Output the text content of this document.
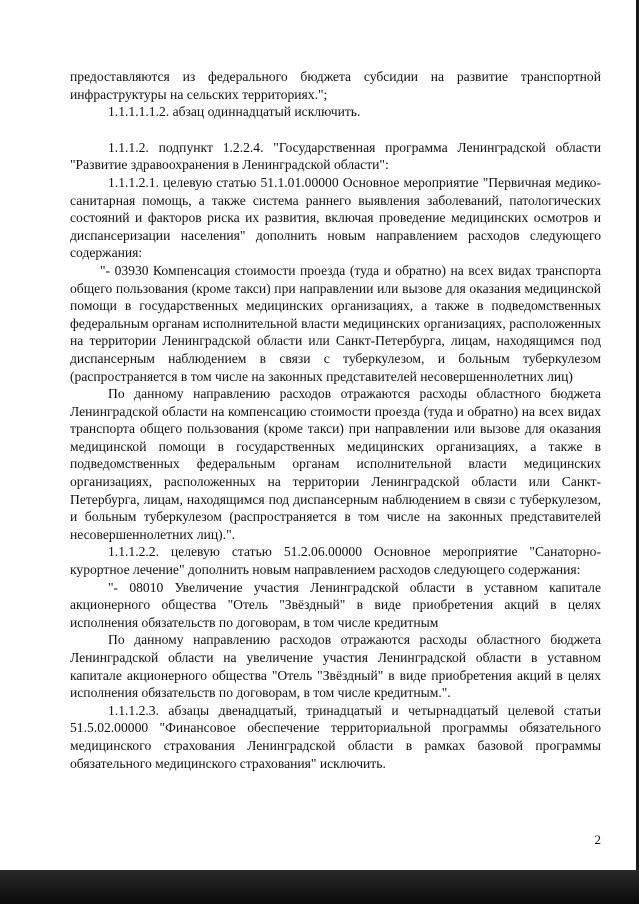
предоставляются из федерального бюджета субсидии на развитие транспортной инфраструктуры на сельских территориях.";

1.1.1.1.1.2. абзац одиннадцатый исключить.

1.1.1.2. подпункт 1.2.2.4. "Государственная программа Ленинградской области "Развитие здравоохранения в Ленинградской области":

1.1.1.2.1. целевую статью 51.1.01.00000 Основное мероприятие "Первичная медико-санитарная помощь, а также система раннего выявления заболеваний, патологических состояний и факторов риска их развития, включая проведение медицинских осмотров и диспансеризации населения" дополнить новым направлением расходов следующего содержания:

"- 03930 Компенсация стоимости проезда (туда и обратно) на всех видах транспорта общего пользования (кроме такси) при направлении или вызове для оказания медицинской помощи в государственных медицинских организациях, а также в подведомственных федеральным органам исполнительной власти медицинских организациях, расположенных на территории Ленинградской области или Санкт-Петербурга, лицам, находящимся под диспансерным наблюдением в связи с туберкулезом, и больным туберкулезом (распространяется в том числе на законных представителей несовершеннолетних лиц)

По данному направлению расходов отражаются расходы областного бюджета Ленинградской области на компенсацию стоимости проезда (туда и обратно) на всех видах транспорта общего пользования (кроме такси) при направлении или вызове для оказания медицинской помощи в государственных медицинских организациях, а также в подведомственных федеральным органам исполнительной власти медицинских организациях, расположенных на территории Ленинградской области или Санкт-Петербурга, лицам, находящимся под диспансерным наблюдением в связи с туберкулезом, и больным туберкулезом (распространяется в том числе на законных представителей несовершеннолетних лиц).".

1.1.1.2.2. целевую статью 51.2.06.00000 Основное мероприятие "Санаторно-курортное лечение" дополнить новым направлением расходов следующего содержания:

"- 08010 Увеличение участия Ленинградской области в уставном капитале акционерного общества "Отель "Звёздный" в виде приобретения акций в целях исполнения обязательств по договорам, в том числе кредитным

По данному направлению расходов отражаются расходы областного бюджета Ленинградской области на увеличение участия Ленинградской области в уставном капитале акционерного общества "Отель "Звёздный" в виде приобретения акций в целях исполнения обязательств по договорам, в том числе кредитным.".

1.1.1.2.3. абзацы двенадцатый, тринадцатый и четырнадцатый целевой статьи 51.5.02.00000 "Финансовое обеспечение территориальной программы обязательного медицинского страхования Ленинградской области в рамках базовой программы обязательного медицинского страхования" исключить.

2
